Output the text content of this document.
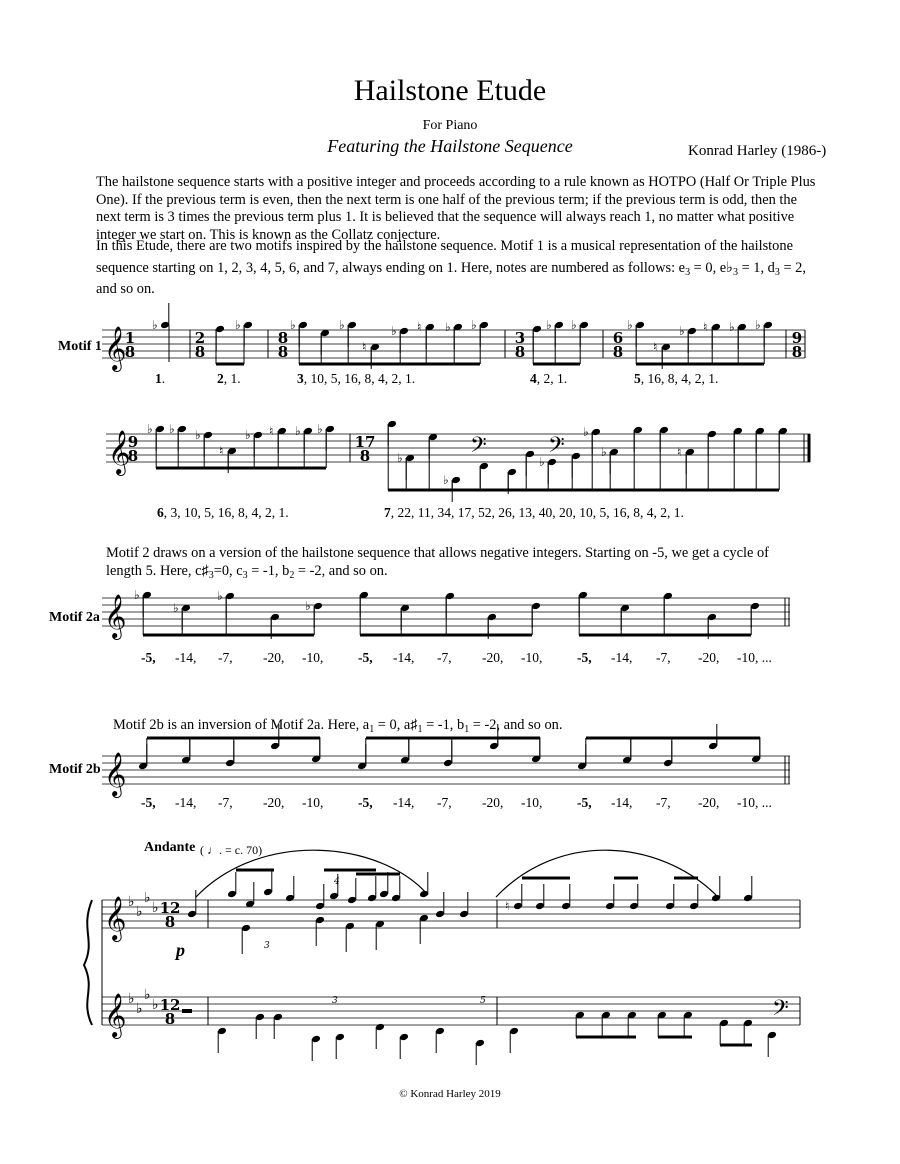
Hailstone Etude
For Piano
Featuring the Hailstone Sequence	Konrad Harley (1986-)
The hailstone sequence starts with a positive integer and proceeds according to a rule known as HOTPO (Half Or Triple Plus One). If the previous term is even, then the next term is one half of the previous term; if the previous term is odd, then the next term is 3 times the previous term plus 1. It is believed that the sequence will always reach 1, no matter what positive integer we start on. This is known as the Collatz conjecture.
In this Etude, there are two motifs inspired by the hailstone sequence. Motif 1 is a musical representation of the hailstone
sequence starting on 1, 2, 3, 4, 5, 6, and 7, always ending on 1. Here, notes are numbered as follows: $e_3 = 0$, $e♭_3 = 1$, $d_3 = 2$,
and so on.
Motif 1
1.	2, 1.	3, 10, 5, 16, 8, 4, 2, 1.	4, 2, 1.	5, 16, 8, 4, 2, 1.
6, 3, 10, 5, 16, 8, 4, 2, 1.	7, 22, 11, 34, 17, 52, 26, 13, 40, 20, 10, 5, 16, 8, 4, 2, 1.
Motif 2 draws on a version of the hailstone sequence that allows negative integers. Starting on -5, we get a cycle of
length 5. Here, $c♯_3=0$, $c_3 = -1$, $b_2 = -2$, and so on.
Motif 2a
-5, -14, -7, -20, -10,	-5, -14, -7, -20, -10,	-5, -14, -7, -20, -10, ...
Motif 2b is an inversion of Motif 2a. Here, $a_1 = 0$, $a♯_1 = -1$, $b_1 = -2$, and so on.
Motif 2b
-5, -14, -7, -20, -10,	-5, -14, -7, -20, -10,	-5, -14, -7, -20, -10, ...
Andante ( ♩. = c. 70)
p
𝄞
1
8
♭
2
8
♭
8
8
♭	♭
♮
♭ ♮ ♭ ♭
3
8
♭ ♭
6
8
♭
♮
♭ ♮ ♭ ♭
9
8
𝄞
9
8
♭ ♭ ♭
♮
♭ ♮ ♭ ♭
17
8 ♭
♭
♭
♭
♭	♮
𝄢 𝄢
𝄞 ♭
♭
♭
♭
𝄞
𝄞
𝄞
♭
♭
♭
♭
♭
♭
♭
♭
12
8
12
8
♮
𝄢
3
4
3	5
© Konrad Harley 2019
